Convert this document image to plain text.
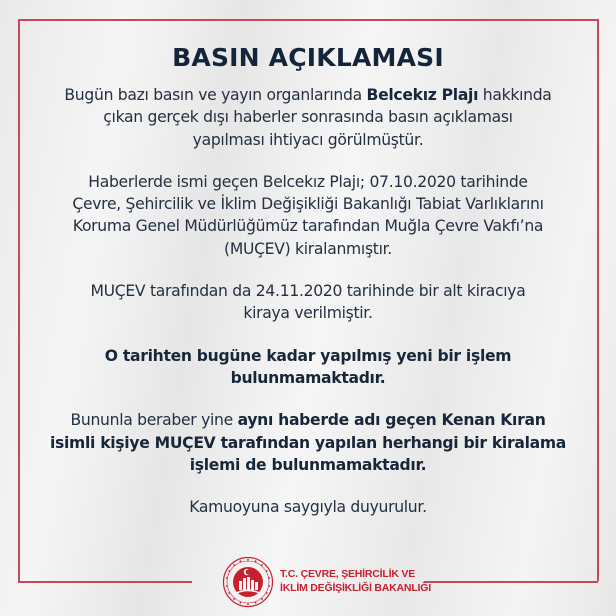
BASIN AÇIKLAMASI

Bugün bazı basın ve yayın organlarında Belcekız Plajı hakkında
çıkan gerçek dışı haberler sonrasında basın açıklaması
yapılması ihtiyacı görülmüştür.

Haberlerde ismi geçen Belcekız Plajı; 07.10.2020 tarihinde
Çevre, Şehircilik ve İklim Değişikliği Bakanlığı Tabiat Varlıklarını
Koruma Genel Müdürlüğümüz tarafından Muğla Çevre Vakfı’na
(MUÇEV) kiralanmıştır.

MUÇEV tarafından da 24.11.2020 tarihinde bir alt kiracıya
kiraya verilmiştir.

O tarihten bugüne kadar yapılmış yeni bir işlem
bulunmamaktadır.

Bununla beraber yine aynı haberde adı geçen Kenan Kıran
isimli kişiye MUÇEV tarafından yapılan herhangi bir kiralama
işlemi de bulunmamaktadır.

Kamuoyuna saygıyla duyurulur.

T.C. ÇEVRE, ŞEHİRCİLİK VE
İKLİM DEĞİŞİKLİĞİ BAKANLIĞI
